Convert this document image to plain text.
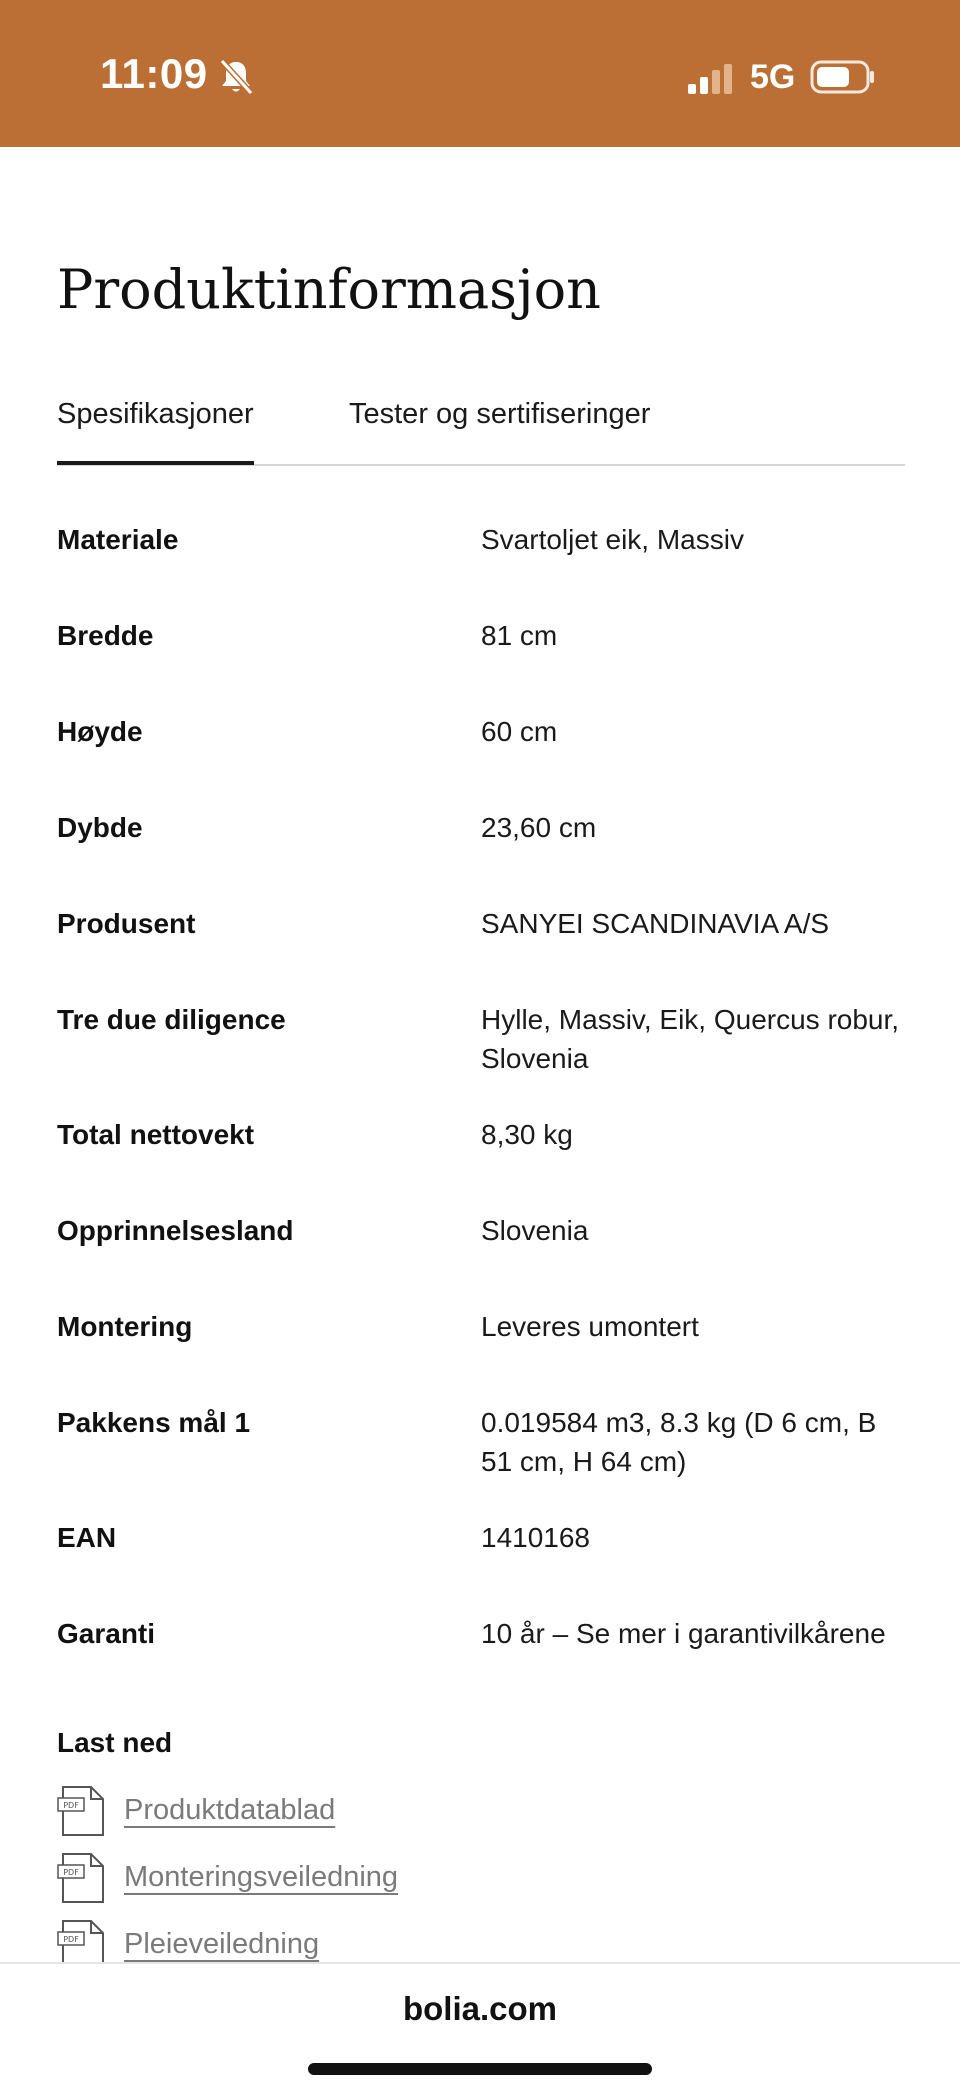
11:09	5G
Produktinformasjon
Spesifikasjoner	Tester og sertifiseringer
Materiale	Svartoljet eik, Massiv
Bredde	81 cm
Høyde	60 cm
Dybde	23,60 cm
Produsent	SANYEI SCANDINAVIA A/S
Tre due diligence	Hylle, Massiv, Eik, Quercus robur, Slovenia
Total nettovekt	8,30 kg
Opprinnelsesland	Slovenia
Montering	Leveres umontert
Pakkens mål 1	0.019584 m3, 8.3 kg (D 6 cm, B 51 cm, H 64 cm)
EAN	1410168
Garanti	10 år – Se mer i garantivilkårene
Last ned
PDF Produktdatablad
PDF Monteringsveiledning
PDF Pleieveiledning
bolia.com
